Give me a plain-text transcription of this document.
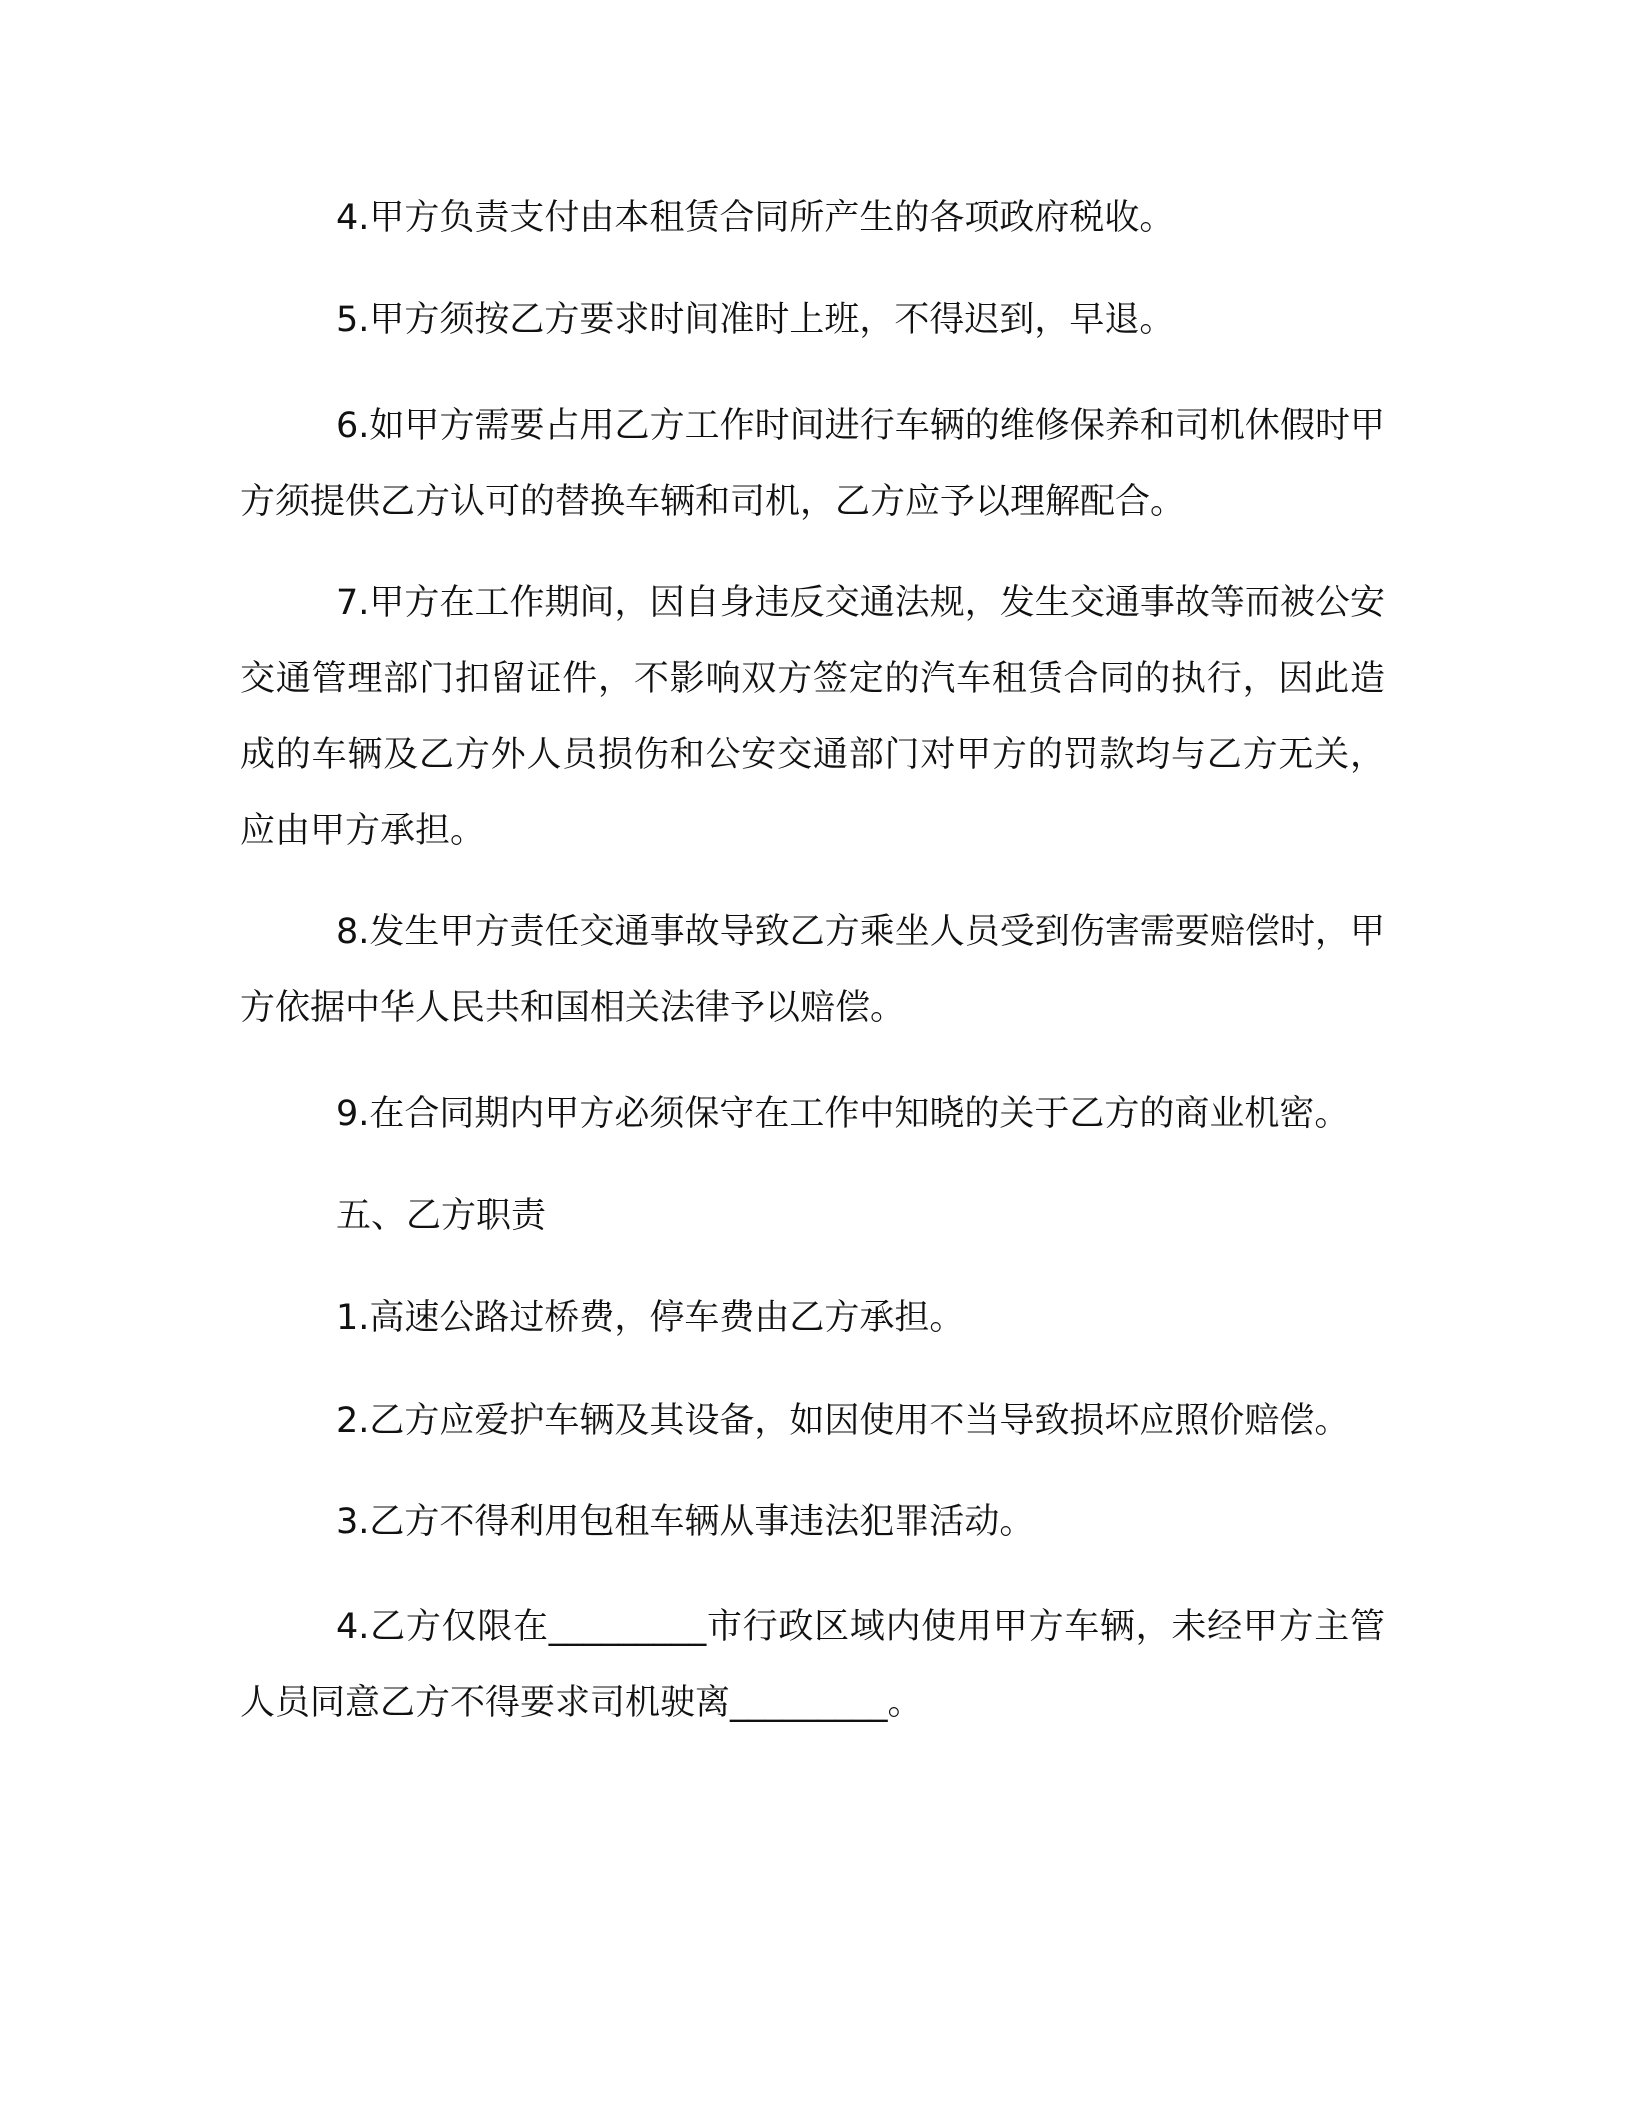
4.甲方负责支付由本租赁合同所产生的各项政府税收。

5.甲方须按乙方要求时间准时上班，不得迟到，早退。

6.如甲方需要占用乙方工作时间进行车辆的维修保养和司机休假时甲方须提供乙方认可的替换车辆和司机，乙方应予以理解配合。

7.甲方在工作期间，因自身违反交通法规，发生交通事故等而被公安交通管理部门扣留证件，不影响双方签定的汽车租赁合同的执行，因此造成的车辆及乙方外人员损伤和公安交通部门对甲方的罚款均与乙方无关，应由甲方承担。

8.发生甲方责任交通事故导致乙方乘坐人员受到伤害需要赔偿时，甲方依据中华人民共和国相关法律予以赔偿。

9.在合同期内甲方必须保守在工作中知晓的关于乙方的商业机密。

五、乙方职责

1.高速公路过桥费，停车费由乙方承担。

2.乙方应爱护车辆及其设备，如因使用不当导致损坏应照价赔偿。

3.乙方不得利用包租车辆从事违法犯罪活动。

4.乙方仅限在_________市行政区域内使用甲方车辆，未经甲方主管人员同意乙方不得要求司机驶离_________。
